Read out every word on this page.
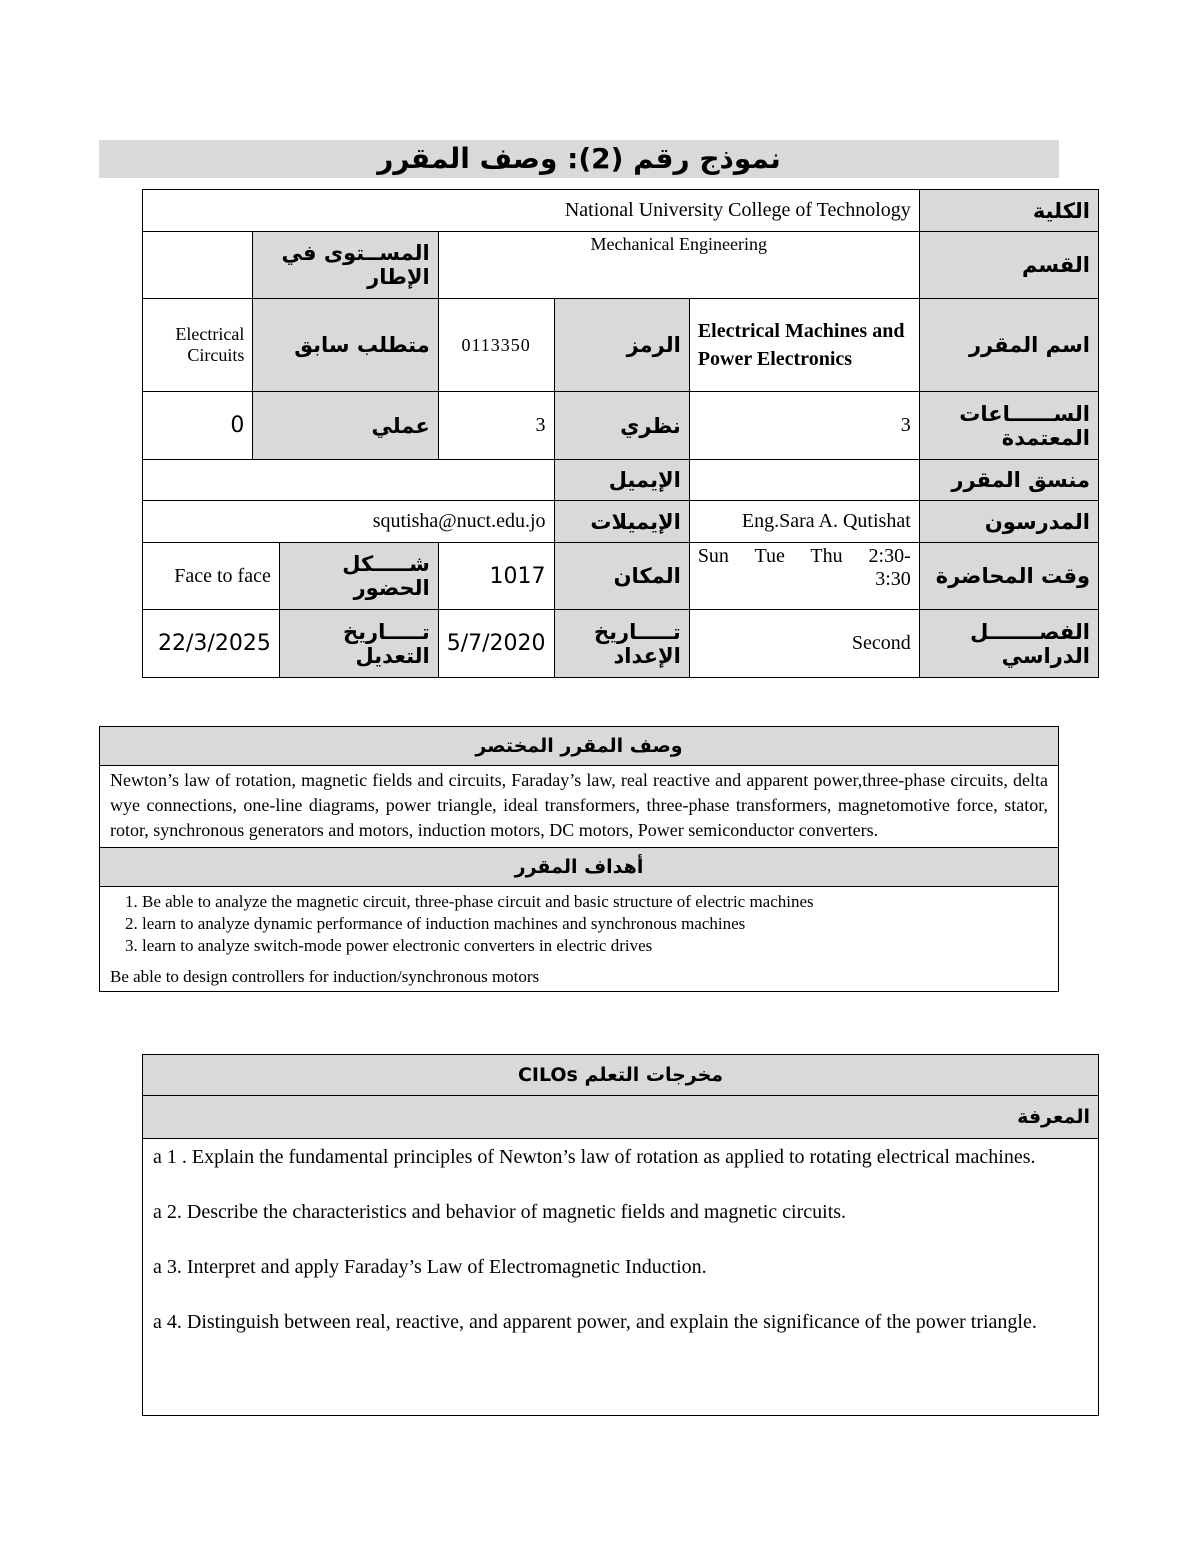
نموذج رقم (2): وصف المقرر
National University College of Technology						الكلية
	المســتوى في الإطار		Mechanical Engineering			القسم
Electrical Circuits	متطلب سابق		0113350	الرمز	Electrical Machines and Power Electronics	اسم المقرر
0	عملي		3	نظري	3	الســــــاعات المعتمدة
				الإيميل		منسق المقرر
squtisha@nuct.edu.jo				الإيميلات	Eng.Sara A. Qutishat	المدرسون
Face to face		شـــــكل الحضور	1017	المكان	Sun Tue Thu 2:30-3:30	وقت المحاضرة
22/3/2025		تـــــاريخ التعديل	5/7/2020	تـــــاريخ الإعداد	Second	الفصـــــــل الدراسي
وصف المقرر المختصر
Newton’s law of rotation, magnetic fields and circuits, Faraday’s law, real reactive and apparent power,three-phase circuits, delta wye connections, one-line diagrams, power triangle, ideal transformers, three-phase transformers, magnetomotive force, stator, rotor, synchronous generators and motors, induction motors, DC motors, Power semiconductor converters.
أهداف المقرر

1. Be able to analyze the magnetic circuit, three-phase circuit and basic structure of electric machines
2. learn to analyze dynamic performance of induction machines and synchronous machines
3. learn to analyze switch-mode power electronic converters in electric drives
Be able to design controllers for induction/synchronous motors
مخرجات التعلم CILOs
المعرفة

a 1 . Explain the fundamental principles of Newton’s law of rotation as applied to rotating electrical machines.
a 2. Describe the characteristics and behavior of magnetic fields and magnetic circuits.
a 3. Interpret and apply Faraday’s Law of Electromagnetic Induction.
a 4. Distinguish between real, reactive, and apparent power, and explain the significance of the power triangle.
